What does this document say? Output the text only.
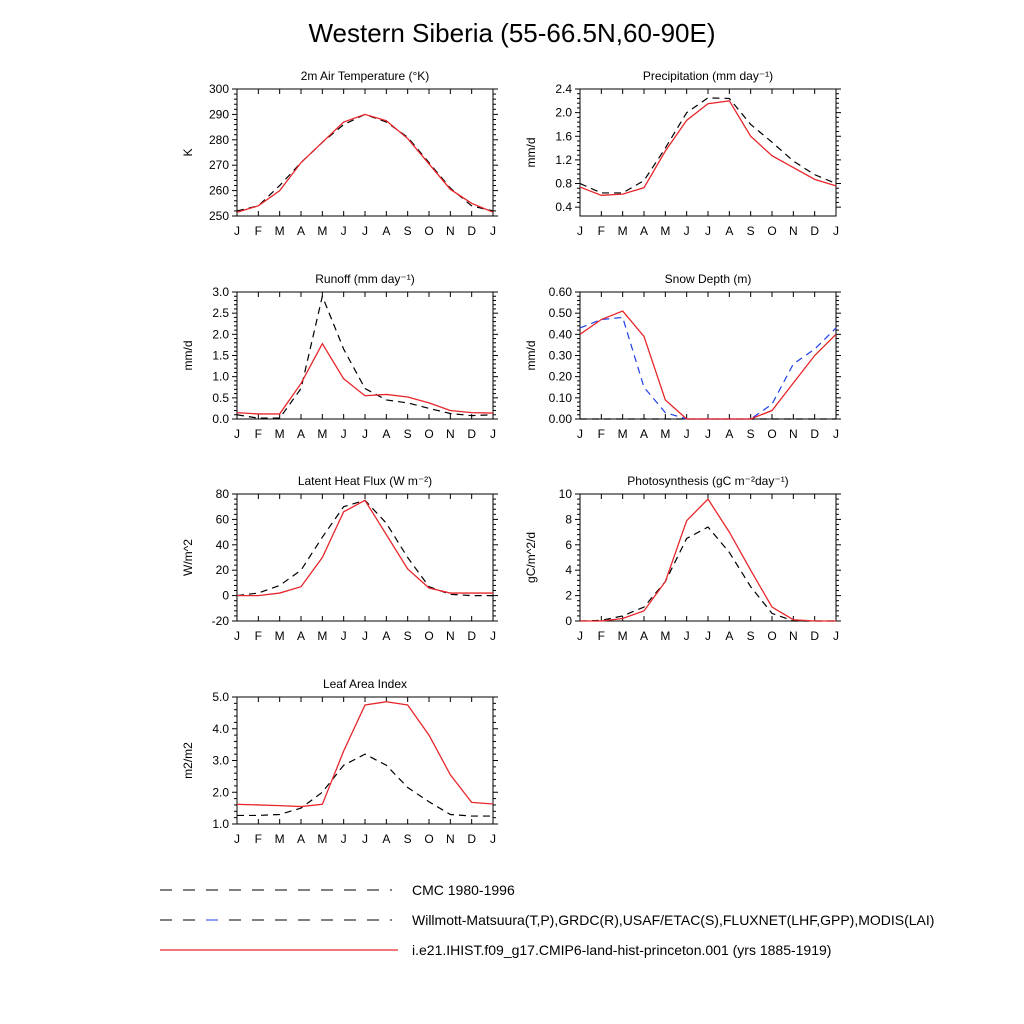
Western Siberia (55-66.5N,60-90E)
2m Air Temperature (°K)
J F M A M J J A S O N D J
250
260
270
280
290
300
K
Precipitation (mm day⁻¹)
J F M A M J J A S O N D J
0.4
0.8
1.2
1.6
2.0
2.4
mm/d
Runoff (mm day⁻¹)
J F M A M J J A S O N D J
0.0
0.5
1.0
1.5
2.0
2.5
3.0
mm/d
Snow Depth (m)
J F M A M J J A S O N D J
0.00
0.10
0.20
0.30
0.40
0.50
0.60
mm/d
Latent Heat Flux (W m⁻²)
J F M A M J J A S O N D J
-20
0
20
40
60
80
W/m^2
Photosynthesis (gC m⁻²day⁻¹)
J F M A M J J A S O N D J
0
2
4
6
8
10
gC/m^2/d
Leaf Area Index
J F M A M J J A S O N D J
1.0
2.0
3.0
4.0
5.0
m2/m2
CMC 1980-1996
Willmott-Matsuura(T,P),GRDC(R),USAF/ETAC(S),FLUXNET(LHF,GPP),MODIS(LAI)
i.e21.IHIST.f09_g17.CMIP6-land-hist-princeton.001 (yrs 1885-1919)
